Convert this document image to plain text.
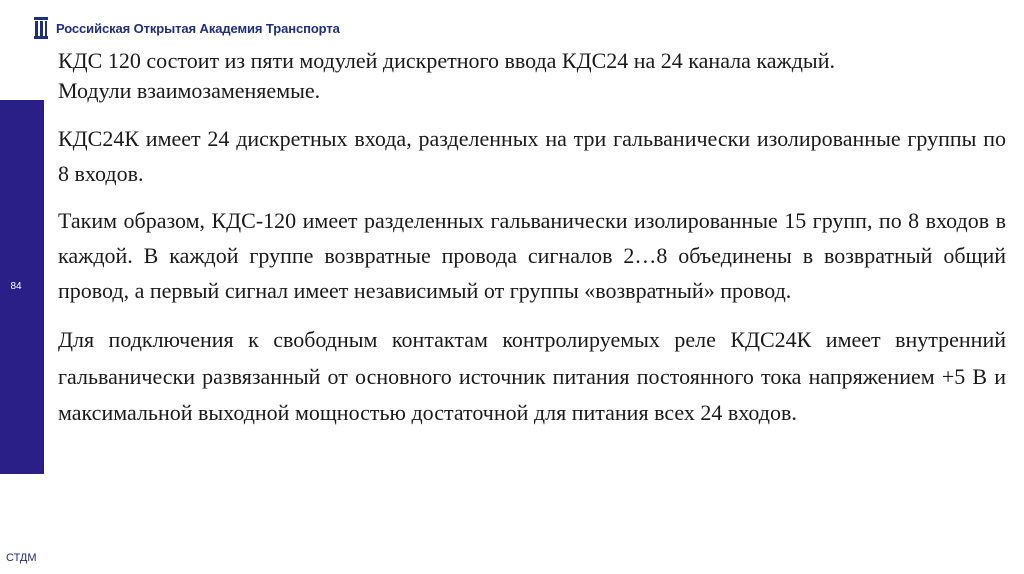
Российская Открытая Академия Транспорта
84

КДС 120 состоит из пяти модулей дискретного ввода КДС24 на 24 канала каждый.
Модули взаимозаменяемые.

КДС24К имеет 24 дискретных входа, разделенных на три гальванически изолированные группы по 8 входов.

Таким образом, КДС-120 имеет разделенных гальванически изолированные 15 групп, по 8 входов в каждой. В каждой группе возвратные провода сигналов 2…8 объединены в возвратный общий провод, а первый сигнал имеет независимый от группы «возвратный» провод.

Для подключения к свободным контактам контролируемых реле КДС24К имеет внутренний гальванически развязанный от основного источник питания постоянного тока напряжением +5 В и максимальной выходной мощностью достаточной для питания всех 24 входов.

СТДМ
